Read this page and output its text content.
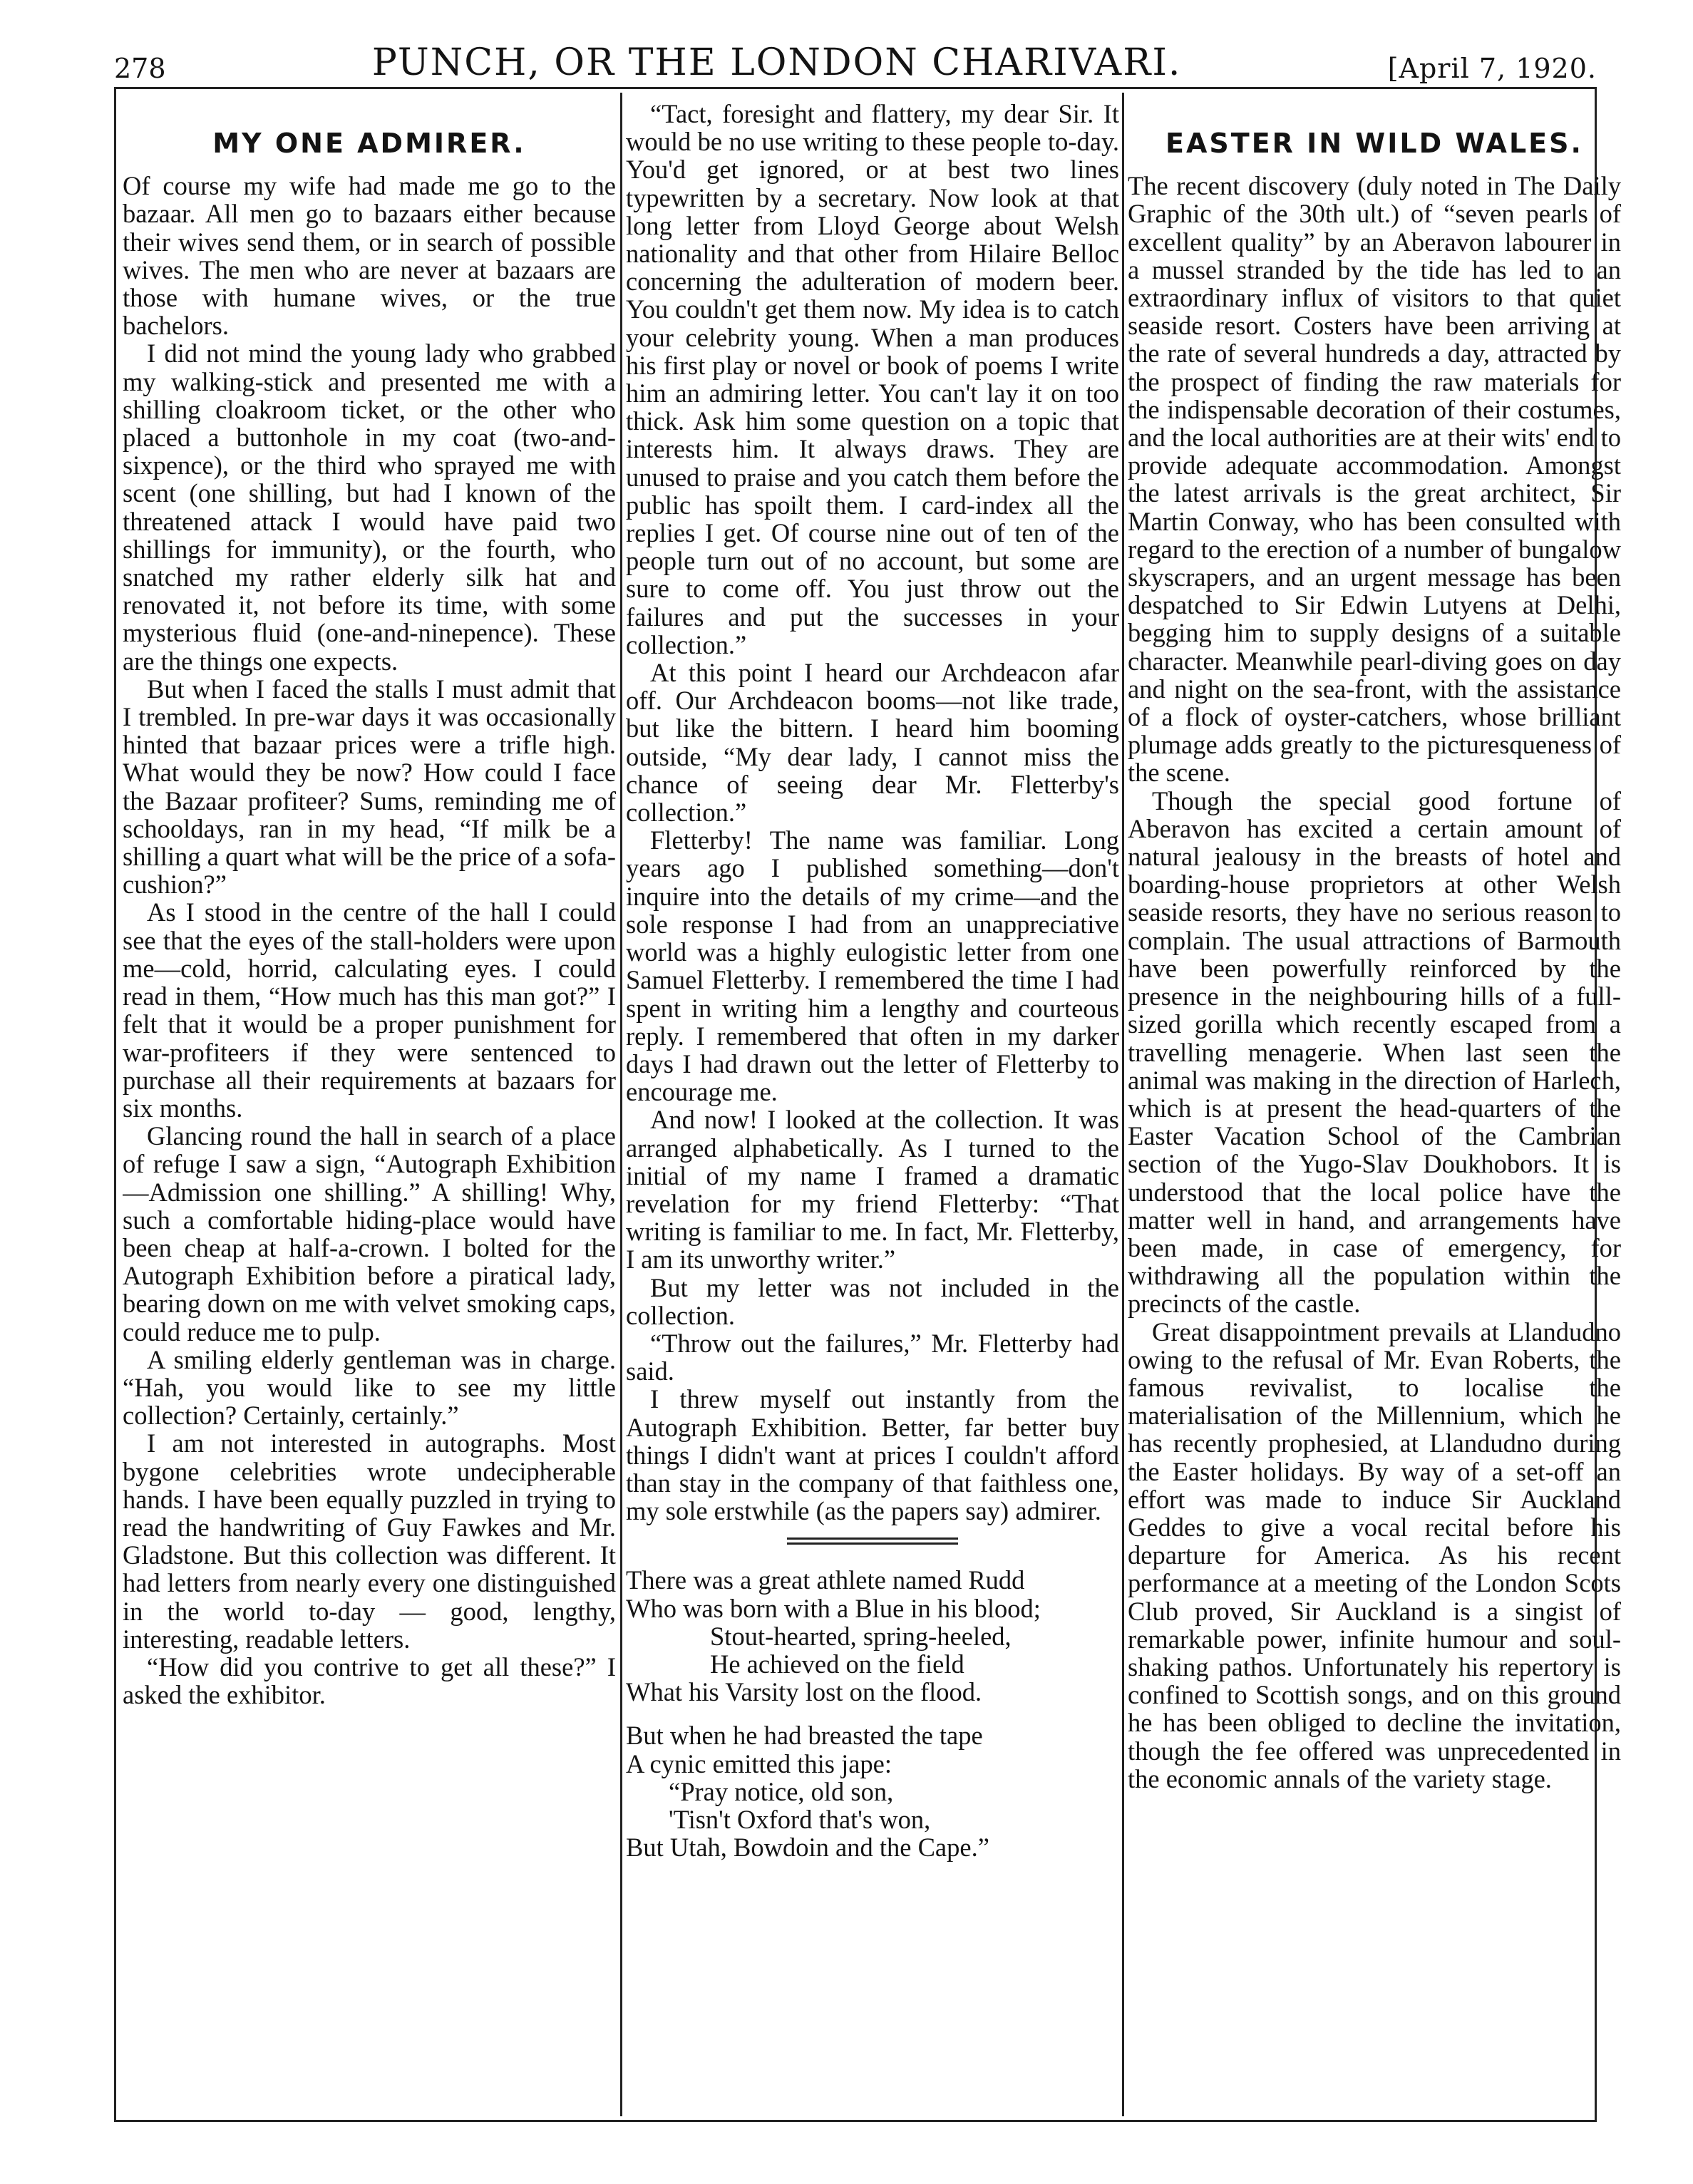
278	PUNCH, OR THE LONDON CHARIVARI.	[April 7, 1920.
MY ONE ADMIRER.

Of course my wife had made me go to the bazaar. All men go to bazaars either because their wives send them, or in search of possible wives. The men who are never at bazaars are those with humane wives, or the true bachelors.

I did not mind the young lady who grabbed my walking-stick and presented me with a shilling cloakroom ticket, or the other who placed a buttonhole in my coat (two-and-sixpence), or the third who sprayed me with scent (one shilling, but had I known of the threatened attack I would have paid two shillings for immunity), or the fourth, who snatched my rather elderly silk hat and renovated it, not before its time, with some mysterious fluid (one-and-ninepence). These are the things one expects.

But when I faced the stalls I must admit that I trembled. In pre-war days it was occasionally hinted that bazaar prices were a trifle high. What would they be now? How could I face the Bazaar profiteer? Sums, reminding me of schooldays, ran in my head, “If milk be a shilling a quart what will be the price of a sofa-cushion?”

As I stood in the centre of the hall I could see that the eyes of the stall-holders were upon me—cold, horrid, calculating eyes. I could read in them, “How much has this man got?” I felt that it would be a proper punishment for war-profiteers if they were sentenced to purchase all their requirements at bazaars for six months.

Glancing round the hall in search of a place of refuge I saw a sign, “Autograph Exhibition—Admission one shilling.” A shilling! Why, such a comfortable hiding-place would have been cheap at half-a-crown. I bolted for the Autograph Exhibition before a piratical lady, bearing down on me with velvet smoking caps, could reduce me to pulp.

A smiling elderly gentleman was in charge. “Hah, you would like to see my little collection? Certainly, certainly.”

I am not interested in autographs. Most bygone celebrities wrote undecipherable hands. I have been equally puzzled in trying to read the handwriting of Guy Fawkes and Mr. Gladstone. But this collection was different. It had letters from nearly every one distinguished in the world to-day — good, lengthy, interesting, readable letters.

“How did you contrive to get all these?” I asked the exhibitor.

“Tact, foresight and flattery, my dear Sir. It would be no use writing to these people to-day. You'd get ignored, or at best two lines typewritten by a secretary. Now look at that long letter from Lloyd George about Welsh nationality and that other from Hilaire Belloc concerning the adulteration of modern beer. You couldn't get them now. My idea is to catch your celebrity young. When a man produces his first play or novel or book of poems I write him an admiring letter. You can't lay it on too thick. Ask him some question on a topic that interests him. It always draws. They are unused to praise and you catch them before the public has spoilt them. I card-index all the replies I get. Of course nine out of ten of the people turn out of no account, but some are sure to come off. You just throw out the failures and put the successes in your collection.”

At this point I heard our Archdeacon afar off. Our Archdeacon booms—not like trade, but like the bittern. I heard him booming outside, “My dear lady, I cannot miss the chance of seeing dear Mr. Fletterby's collection.”

Fletterby! The name was familiar. Long years ago I published something—don't inquire into the details of my crime—and the sole response I had from an unappreciative world was a highly eulogistic letter from one Samuel Fletterby. I remembered the time I had spent in writing him a lengthy and courteous reply. I remembered that often in my darker days I had drawn out the letter of Fletterby to encourage me.

And now! I looked at the collection. It was arranged alphabetically. As I turned to the initial of my name I framed a dramatic revelation for my friend Fletterby: “That writing is familiar to me. In fact, Mr. Fletterby, I am its unworthy writer.”

But my letter was not included in the collection.

“Throw out the failures,” Mr. Fletterby had said.

I threw myself out instantly from the Autograph Exhibition. Better, far better buy things I didn't want at prices I couldn't afford than stay in the company of that faithless one, my sole erstwhile (as the papers say) admirer.

There was a great athlete named Rudd
Who was born with a Blue in his blood;
Stout-hearted, spring-heeled,
He achieved on the field
What his Varsity lost on the flood.
But when he had breasted the tape
A cynic emitted this jape:
“Pray notice, old son,
'Tisn't Oxford that's won,
But Utah, Bowdoin and the Cape.”
EASTER IN WILD WALES.

The recent discovery (duly noted in The Daily Graphic of the 30th ult.) of “seven pearls of excellent quality” by an Aberavon labourer in a mussel stranded by the tide has led to an extraordinary influx of visitors to that quiet seaside resort. Costers have been arriving at the rate of several hundreds a day, attracted by the prospect of finding the raw materials for the indispensable decoration of their costumes, and the local authorities are at their wits' end to provide adequate accommodation. Amongst the latest arrivals is the great architect, Sir Martin Conway, who has been consulted with regard to the erection of a number of bungalow skyscrapers, and an urgent message has been despatched to Sir Edwin Lutyens at Delhi, begging him to supply designs of a suitable character. Meanwhile pearl-diving goes on day and night on the sea-front, with the assistance of a flock of oyster-catchers, whose brilliant plumage adds greatly to the picturesqueness of the scene.

Though the special good fortune of Aberavon has excited a certain amount of natural jealousy in the breasts of hotel and boarding-house proprietors at other Welsh seaside resorts, they have no serious reason to complain. The usual attractions of Barmouth have been powerfully reinforced by the presence in the neighbouring hills of a full-sized gorilla which recently escaped from a travelling menagerie. When last seen the animal was making in the direction of Harlech, which is at present the head-quarters of the Easter Vacation School of the Cambrian section of the Yugo-Slav Doukhobors. It is understood that the local police have the matter well in hand, and arrangements have been made, in case of emergency, for withdrawing all the population within the precincts of the castle.

Great disappointment prevails at Llandudno owing to the refusal of Mr. Evan Roberts, the famous revivalist, to localise the materialisation of the Millennium, which he has recently prophesied, at Llandudno during the Easter holidays. By way of a set-off an effort was made to induce Sir Auckland Geddes to give a vocal recital before his departure for America. As his recent performance at a meeting of the London Scots Club proved, Sir Auckland is a singist of remarkable power, infinite humour and soul-shaking pathos. Unfortunately his repertory is confined to Scottish songs, and on this ground he has been obliged to decline the invitation, though the fee offered was unprecedented in the economic annals of the variety stage.
